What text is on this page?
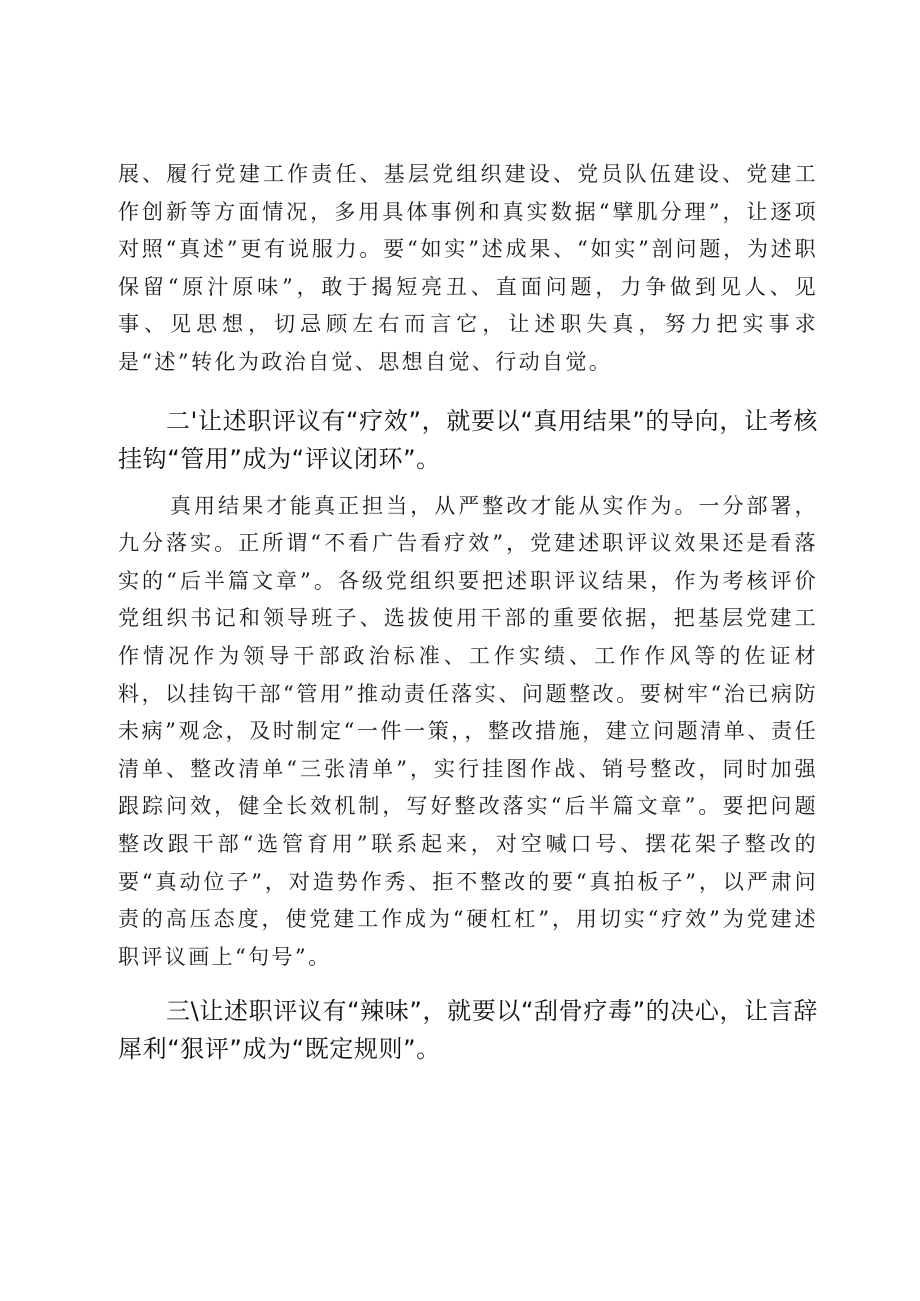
展、履行党建工作责任、基层党组织建设、党员队伍建设、党建工作创新等方面情况，多用具体事例和真实数据“擘肌分理”，让逐项对照“真述”更有说服力。要“如实”述成果、“如实”剖问题，为述职保留“原汁原味”，敢于揭短亮丑、直面问题，力争做到见人、见事、见思想，切忌顾左右而言它，让述职失真，努力把实事求是“述”转化为政治自觉、思想自觉、行动自觉。

二'让述职评议有“疗效”，就要以“真用结果”的导向，让考核挂钩“管用”成为“评议闭环”。

真用结果才能真正担当，从严整改才能从实作为。一分部署，九分落实。正所谓“不看广告看疗效”，党建述职评议效果还是看落实的“后半篇文章”。各级党组织要把述职评议结果，作为考核评价党组织书记和领导班子、选拔使用干部的重要依据，把基层党建工作情况作为领导干部政治标准、工作实绩、工作作风等的佐证材料，以挂钩干部“管用”推动责任落实、问题整改。要树牢“治已病防未病”观念，及时制定“一件一策，，整改措施，建立问题清单、责任清单、整改清单“三张清单”，实行挂图作战、销号整改，同时加强跟踪问效，健全长效机制，写好整改落实“后半篇文章”。要把问题整改跟干部“选管育用”联系起来，对空喊口号、摆花架子整改的要“真动位子”，对造势作秀、拒不整改的要“真拍板子”，以严肃问责的高压态度，使党建工作成为“硬杠杠”，用切实“疗效”为党建述职评议画上“句号”。

三\让述职评议有“辣味”，就要以“刮骨疗毒”的决心，让言辞犀利“狠评”成为“既定规则”。
